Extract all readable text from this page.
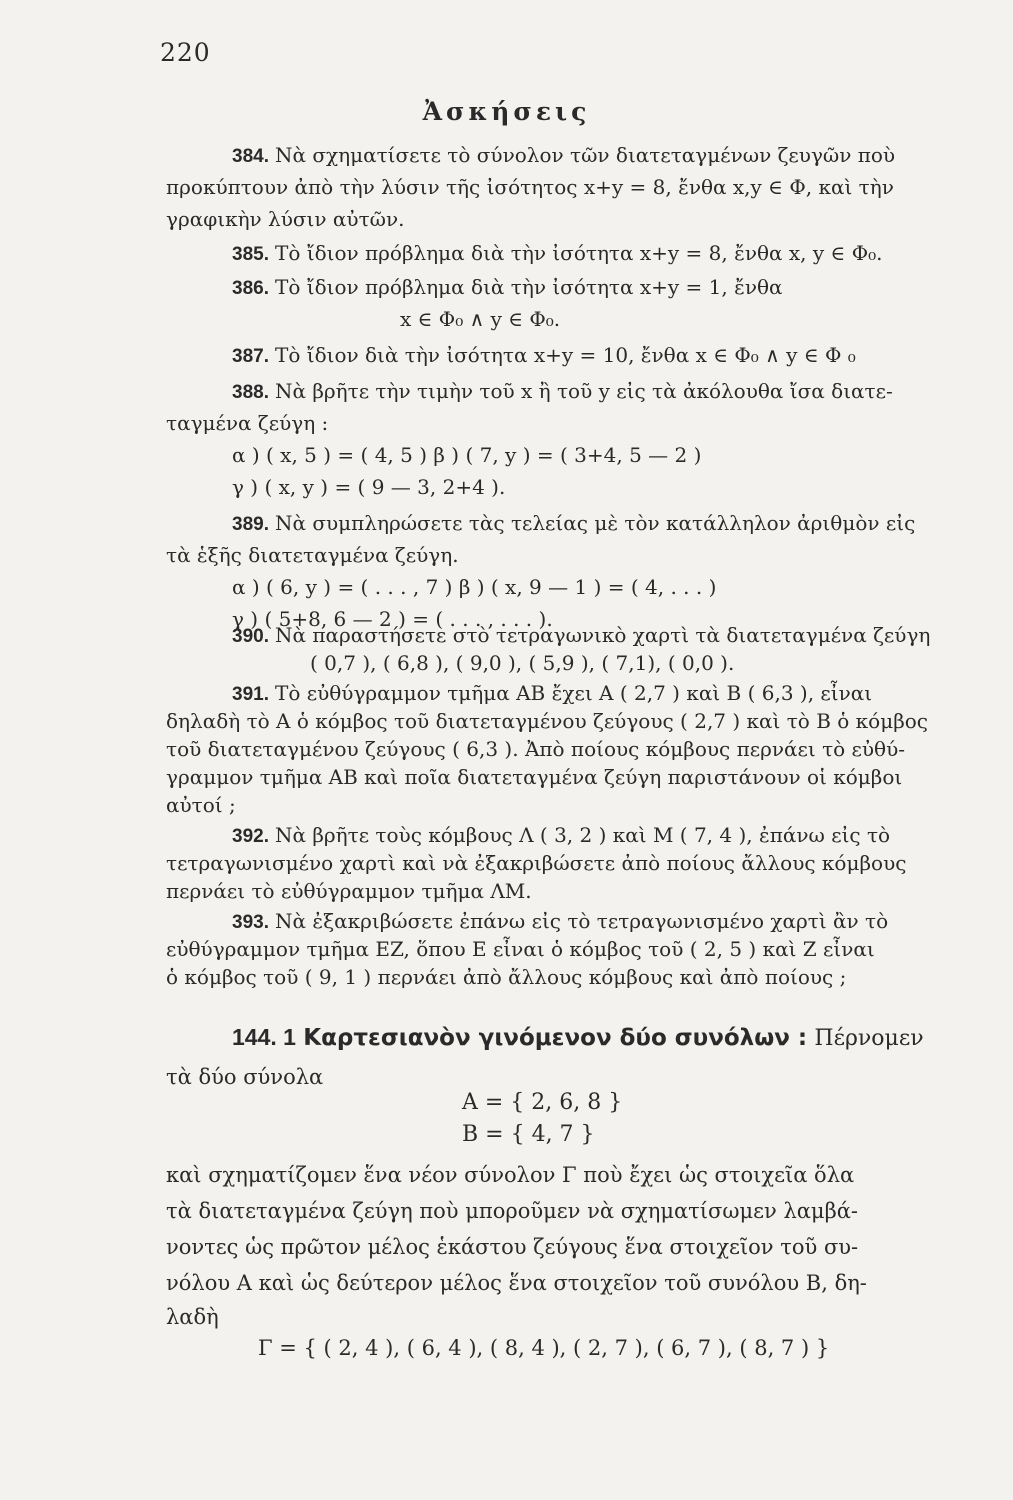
220
Ἀσκήσεις
384. Νὰ σχηματίσετε τὸ σύνολον τῶν διατεταγμένων ζευγῶν ποὺ
προκύπτουν ἀπὸ τὴν λύσιν τῆς ἰσότητος x+y = 8, ἔνθα x,y ∈ Φ, καὶ τὴν
γραφικὴν λύσιν αὐτῶν.
385. Τὸ ἴδιον πρόβλημα διὰ τὴν ἰσότητα x+y = 8, ἔνθα x, y ∈ Φ₀.
386. Τὸ ἴδιον πρόβλημα διὰ τὴν ἰσότητα x+y = 1, ἔνθα
x ∈ Φ₀ ∧ y ∈ Φ₀.
387. Τὸ ἴδιον διὰ τὴν ἰσότητα x+y = 10, ἔνθα x ∈ Φ₀ ∧ y ∈ Φ ₀
388. Νὰ βρῆτε τὴν τιμὴν τοῦ x ἢ τοῦ y εἰς τὰ ἀκόλουθα ἴσα διατε-
ταγμένα ζεύγη :
α ) ( x, 5 ) = ( 4, 5 ) β ) ( 7, y ) = ( 3+4, 5 — 2 )
γ ) ( x, y ) = ( 9 — 3, 2+4 ).
389. Νὰ συμπληρώσετε τὰς τελείας μὲ τὸν κατάλληλον ἀριθμὸν εἰς
τὰ ἑξῆς διατεταγμένα ζεύγη.
α ) ( 6, y ) = ( . . . , 7 ) β ) ( x, 9 — 1 ) = ( 4, . . . )
γ ) ( 5+8, 6 — 2 ) = ( . . . , . . . ).
390. Νὰ παραστήσετε στὸ τετραγωνικὸ χαρτὶ τὰ διατεταγμένα ζεύγη
( 0,7 ), ( 6,8 ), ( 9,0 ), ( 5,9 ), ( 7,1), ( 0,0 ).
391. Τὸ εὐθύγραμμον τμῆμα AB ἔχει A ( 2,7 ) καὶ B ( 6,3 ), εἶναι
δηλαδὴ τὸ A ὁ κόμβος τοῦ διατεταγμένου ζεύγους ( 2,7 ) καὶ τὸ B ὁ κόμβος
τοῦ διατεταγμένου ζεύγους ( 6,3 ). Ἀπὸ ποίους κόμβους περνάει τὸ εὐθύ-
γραμμον τμῆμα AB καὶ ποῖα διατεταγμένα ζεύγη παριστάνουν οἱ κόμβοι
αὐτοί ;
392. Νὰ βρῆτε τοὺς κόμβους Λ ( 3, 2 ) καὶ M ( 7, 4 ), ἐπάνω εἰς τὸ
τετραγωνισμένο χαρτὶ καὶ νὰ ἐξακριβώσετε ἀπὸ ποίους ἄλλους κόμβους
περνάει τὸ εὐθύγραμμον τμῆμα ΛΜ.
393. Νὰ ἐξακριβώσετε ἐπάνω εἰς τὸ τετραγωνισμένο χαρτὶ ἂν τὸ
εὐθύγραμμον τμῆμα EZ, ὅπου E εἶναι ὁ κόμβος τοῦ ( 2, 5 ) καὶ Z εἶναι
ὁ κόμβος τοῦ ( 9, 1 ) περνάει ἀπὸ ἄλλους κόμβους καὶ ἀπὸ ποίους ;
144. 1 Καρτεσιανὸν γινόμενον δύο συνόλων : Πέρνομεν
τὰ δύο σύνολα
A = { 2, 6, 8 }
B = { 4, 7 }
καὶ σχηματίζομεν ἕνα νέον σύνολον Γ ποὺ ἔχει ὡς στοιχεῖα ὅλα
τὰ διατεταγμένα ζεύγη ποὺ μποροῦμεν νὰ σχηματίσωμεν λαμβά-
νοντες ὡς πρῶτον μέλος ἑκάστου ζεύγους ἕνα στοιχεῖον τοῦ συ-
νόλου A καὶ ὡς δεύτερον μέλος ἕνα στοιχεῖον τοῦ συνόλου B, δη-
λαδὴ
Γ = { ( 2, 4 ), ( 6, 4 ), ( 8, 4 ), ( 2, 7 ), ( 6, 7 ), ( 8, 7 ) }
